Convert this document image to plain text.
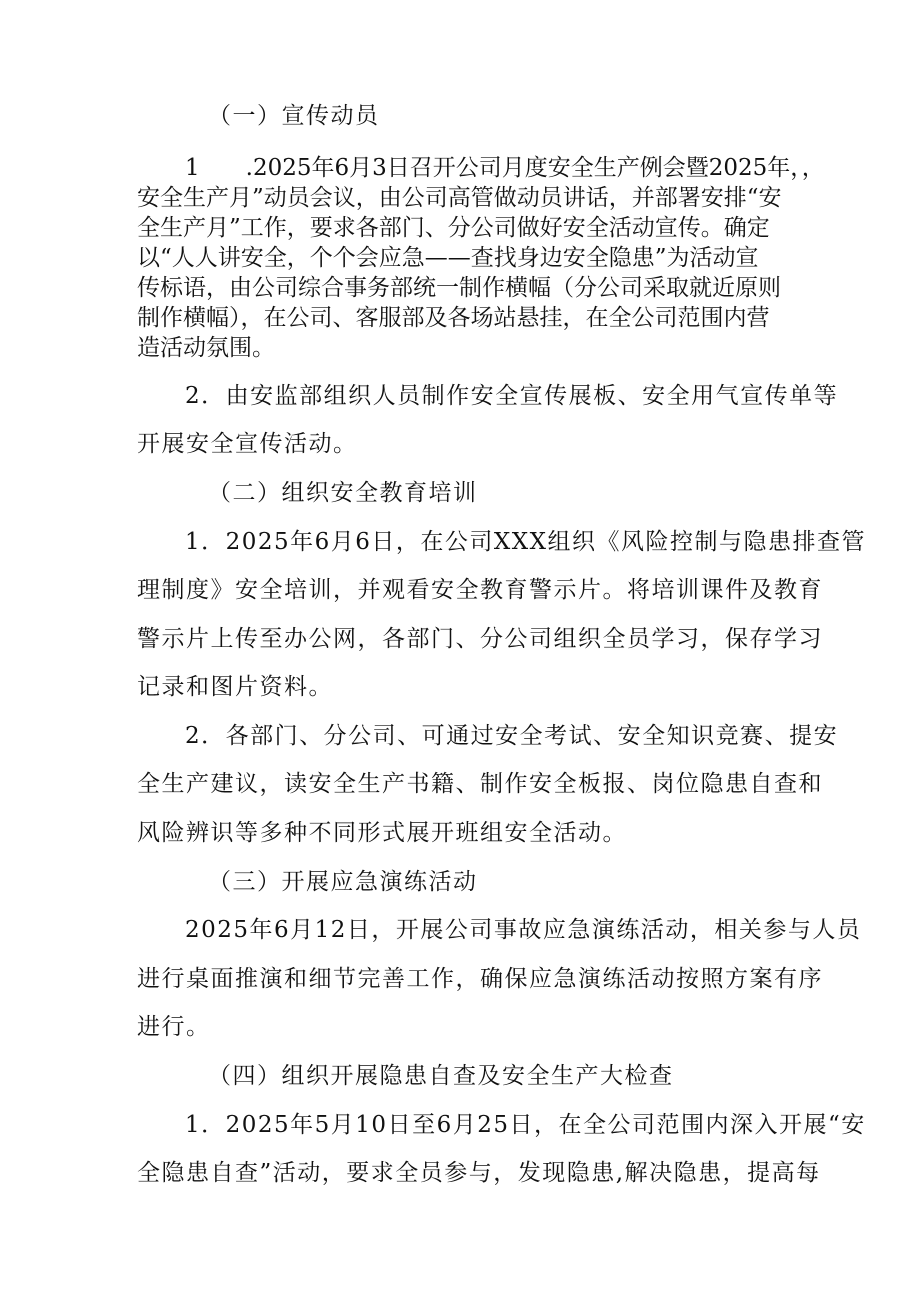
（一）宣传动员

1　　.2025年6月3日召开公司月度安全生产例会暨2025年，，

安全生产月”动员会议，由公司高管做动员讲话，并部署安排“安

全生产月”工作，要求各部门、分公司做好安全活动宣传。确定

以“人人讲安全，个个会应急——查找身边安全隐患”为活动宣

传标语，由公司综合事务部统一制作横幅（分公司采取就近原则

制作横幅），在公司、客服部及各场站悬挂，在全公司范围内营

造活动氛围。

2．由安监部组织人员制作安全宣传展板、安全用气宣传单等

开展安全宣传活动。

（二）组织安全教育培训

1．2025年6月6日，在公司XXX组织《风险控制与隐患排查管

理制度》安全培训，并观看安全教育警示片。将培训课件及教育

警示片上传至办公网，各部门、分公司组织全员学习，保存学习

记录和图片资料。

2．各部门、分公司、可通过安全考试、安全知识竞赛、提安

全生产建议，读安全生产书籍、制作安全板报、岗位隐患自查和

风险辨识等多种不同形式展开班组安全活动。

（三）开展应急演练活动

2025年6月12日，开展公司事故应急演练活动，相关参与人员

进行桌面推演和细节完善工作，确保应急演练活动按照方案有序

进行。

（四）组织开展隐患自查及安全生产大检查

1．2025年5月10日至6月25日，在全公司范围内深入开展“安

全隐患自查”活动，要求全员参与，发现隐患,解决隐患，提高每
